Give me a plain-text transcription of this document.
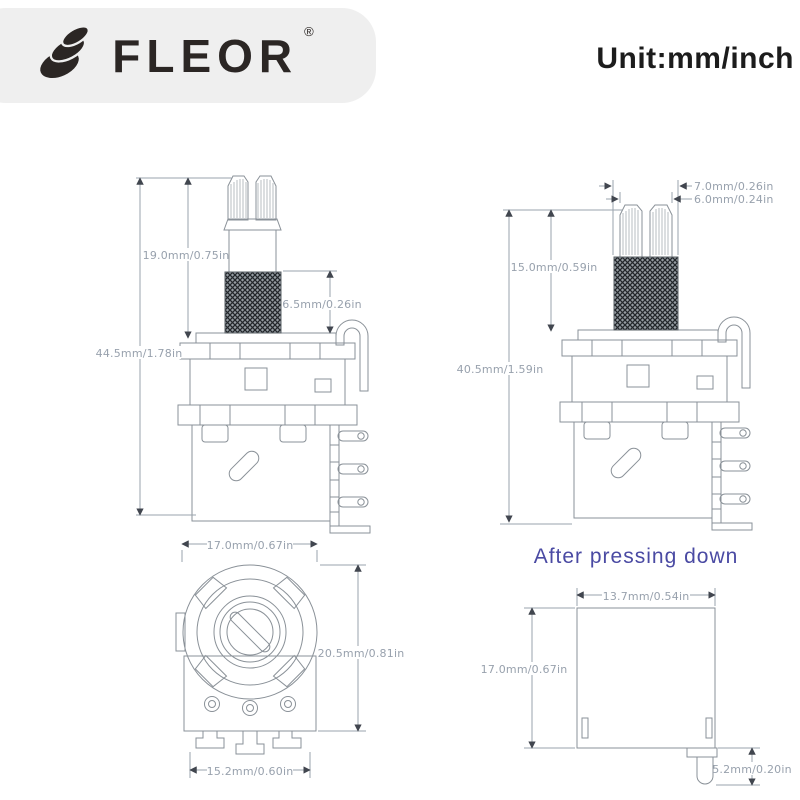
FLEOR ®
Unit:mm/inch
19.0mm/0.75in
44.5mm/1.78in
6.5mm/0.26in
17.0mm/0.67in
7.0mm/0.26in
6.0mm/0.24in
15.0mm/0.59in
40.5mm/1.59in
After pressing down
20.5mm/0.81in
15.2mm/0.60in
13.7mm/0.54in
17.0mm/0.67in
5.2mm/0.20in
